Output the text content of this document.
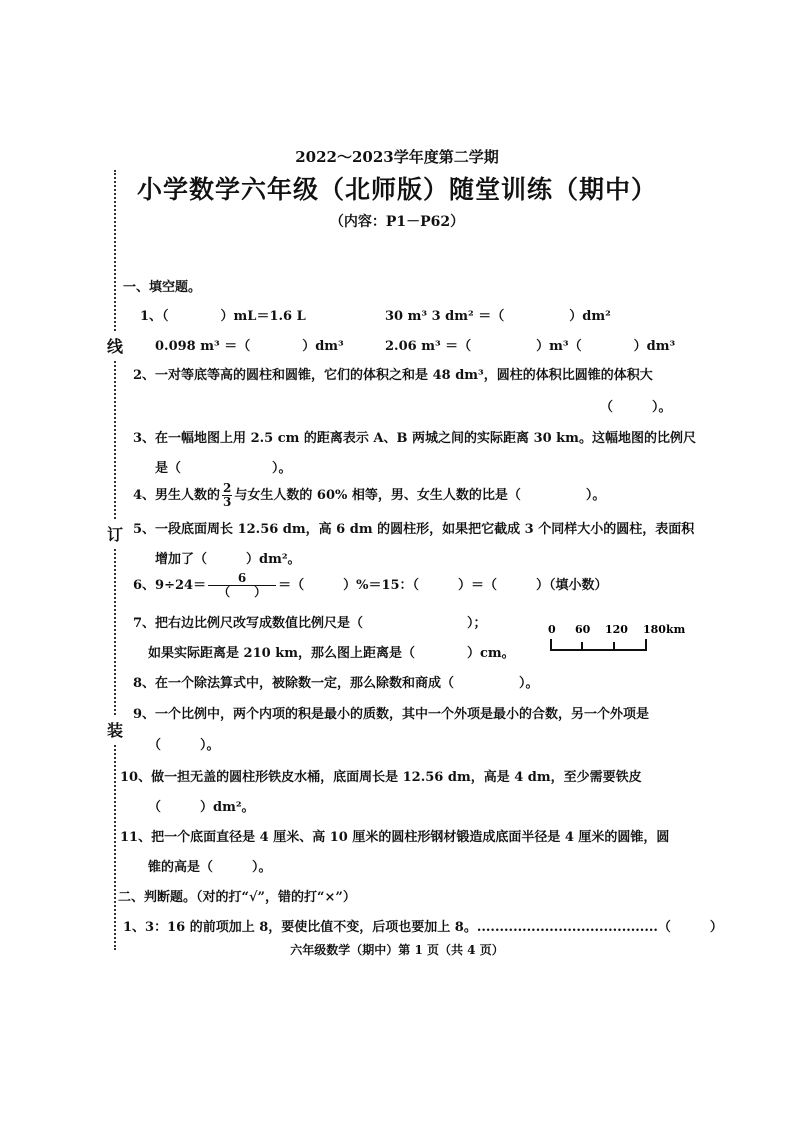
线
订
装
2022～2023学年度第二学期
小学数学六年级（北师版）随堂训练（期中）
（内容：P1－P62）
一、填空题。
1、（　　　　）mL＝1.6 L	30 m³ 3 dm² ＝（　　　　　）dm²
0.098 m³ ＝（　　　　）dm³	2.06 m³ ＝（　　　　　）m³（　　　　）dm³
2、一对等底等高的圆柱和圆锥，它们的体积之和是 48 dm³，圆柱的体积比圆锥的体积大
（　　　）。
3、在一幅地图上用 2.5 cm 的距离表示 A、B 两城之间的实际距离 30 km。这幅地图的比例尺
是（　　　　　　　）。
4、男生人数的 $\frac{2}{3}$ 与女生人数的 60% 相等，男、女生人数的比是（　　　　　）。
5、一段底面周长 12.56 dm，高 6 dm 的圆柱形，如果把它截成 3 个同样大小的圆柱，表面积
增加了（　　　）dm²。
6、$9\div 24= \frac{6}{( )}$ ＝（　　　）%＝15：（　　　）＝（　　　）（填小数）
7、把右边比例尺改写成数值比例尺是（　　　　　　　　）；
如果实际距离是 210 km，那么图上距离是（　　　　）cm。
0 60 120 180km
8、在一个除法算式中，被除数一定，那么除数和商成（　　　　　）。
9、一个比例中，两个内项的积是最小的质数，其中一个外项是最小的合数，另一个外项是
（　　　）。
10、做一担无盖的圆柱形铁皮水桶，底面周长是 12.56 dm，高是 4 dm，至少需要铁皮
（　　　）dm²。
11、把一个底面直径是 4 厘米、高 10 厘米的圆柱形钢材锻造成底面半径是 4 厘米的圆锥，圆
锥的高是（　　　）。
二、判断题。（对的打“√”，错的打“×”）
1、3：16 的前项加上 8，要使比值不变，后项也要加上 8。........................................（　　　）
六年级数学（期中）第 1 页（共 4 页）
